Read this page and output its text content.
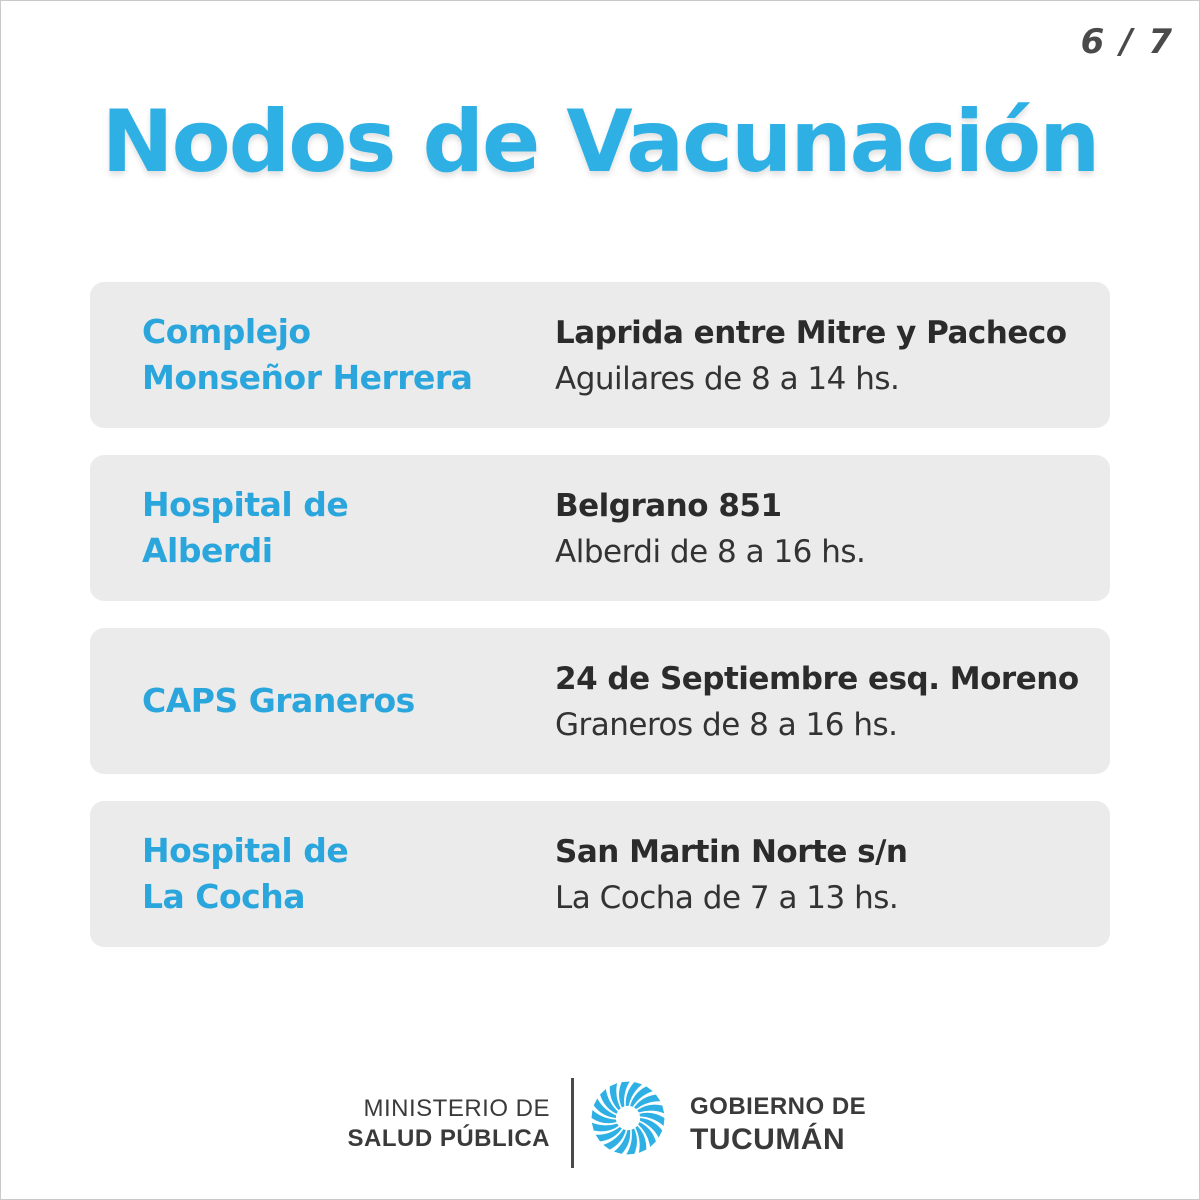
6 / 7
Nodos de Vacunación
Complejo
Monseñor Herrera
Laprida entre Mitre y Pacheco
Aguilares de 8 a 14 hs.
Hospital de
Alberdi
Belgrano 851
Alberdi de 8 a 16 hs.
CAPS Graneros
24 de Septiembre esq. Moreno
Graneros de 8 a 16 hs.
Hospital de
La Cocha
San Martin Norte s/n
La Cocha de 7 a 13 hs.
MINISTERIO DE
SALUD PÚBLICA
GOBIERNO DE
TUCUMÁN
